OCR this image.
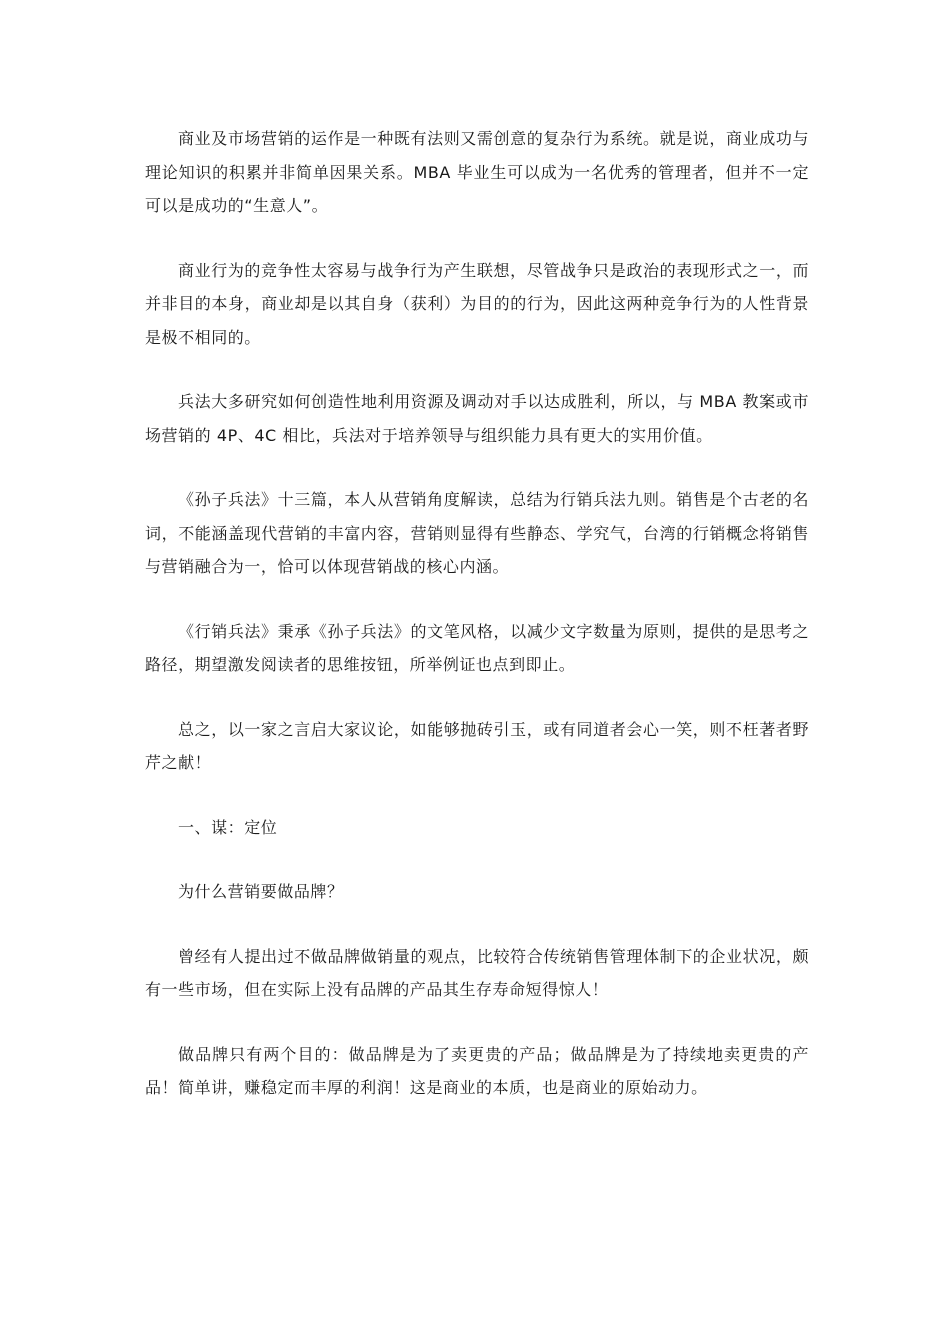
商业及市场营销的运作是一种既有法则又需创意的复杂行为系统。就是说，商业成功与理论知识的积累并非简单因果关系。MBA 毕业生可以成为一名优秀的管理者，但并不一定可以是成功的“生意人”。

商业行为的竞争性太容易与战争行为产生联想，尽管战争只是政治的表现形式之一，而并非目的本身，商业却是以其自身（获利）为目的的行为，因此这两种竞争行为的人性背景是极不相同的。

兵法大多研究如何创造性地利用资源及调动对手以达成胜利，所以，与 MBA 教案或市场营销的 4P、4C 相比，兵法对于培养领导与组织能力具有更大的实用价值。

《孙子兵法》十三篇，本人从营销角度解读，总结为行销兵法九则。销售是个古老的名词，不能涵盖现代营销的丰富内容，营销则显得有些静态、学究气，台湾的行销概念将销售与营销融合为一，恰可以体现营销战的核心内涵。

《行销兵法》秉承《孙子兵法》的文笔风格，以减少文字数量为原则，提供的是思考之路径，期望激发阅读者的思维按钮，所举例证也点到即止。

总之，以一家之言启大家议论，如能够抛砖引玉，或有同道者会心一笑，则不枉著者野芹之献！

一、谋：定位

为什么营销要做品牌？

曾经有人提出过不做品牌做销量的观点，比较符合传统销售管理体制下的企业状况，颇有一些市场，但在实际上没有品牌的产品其生存寿命短得惊人！

做品牌只有两个目的：做品牌是为了卖更贵的产品；做品牌是为了持续地卖更贵的产品！简单讲，赚稳定而丰厚的利润！这是商业的本质，也是商业的原始动力。
